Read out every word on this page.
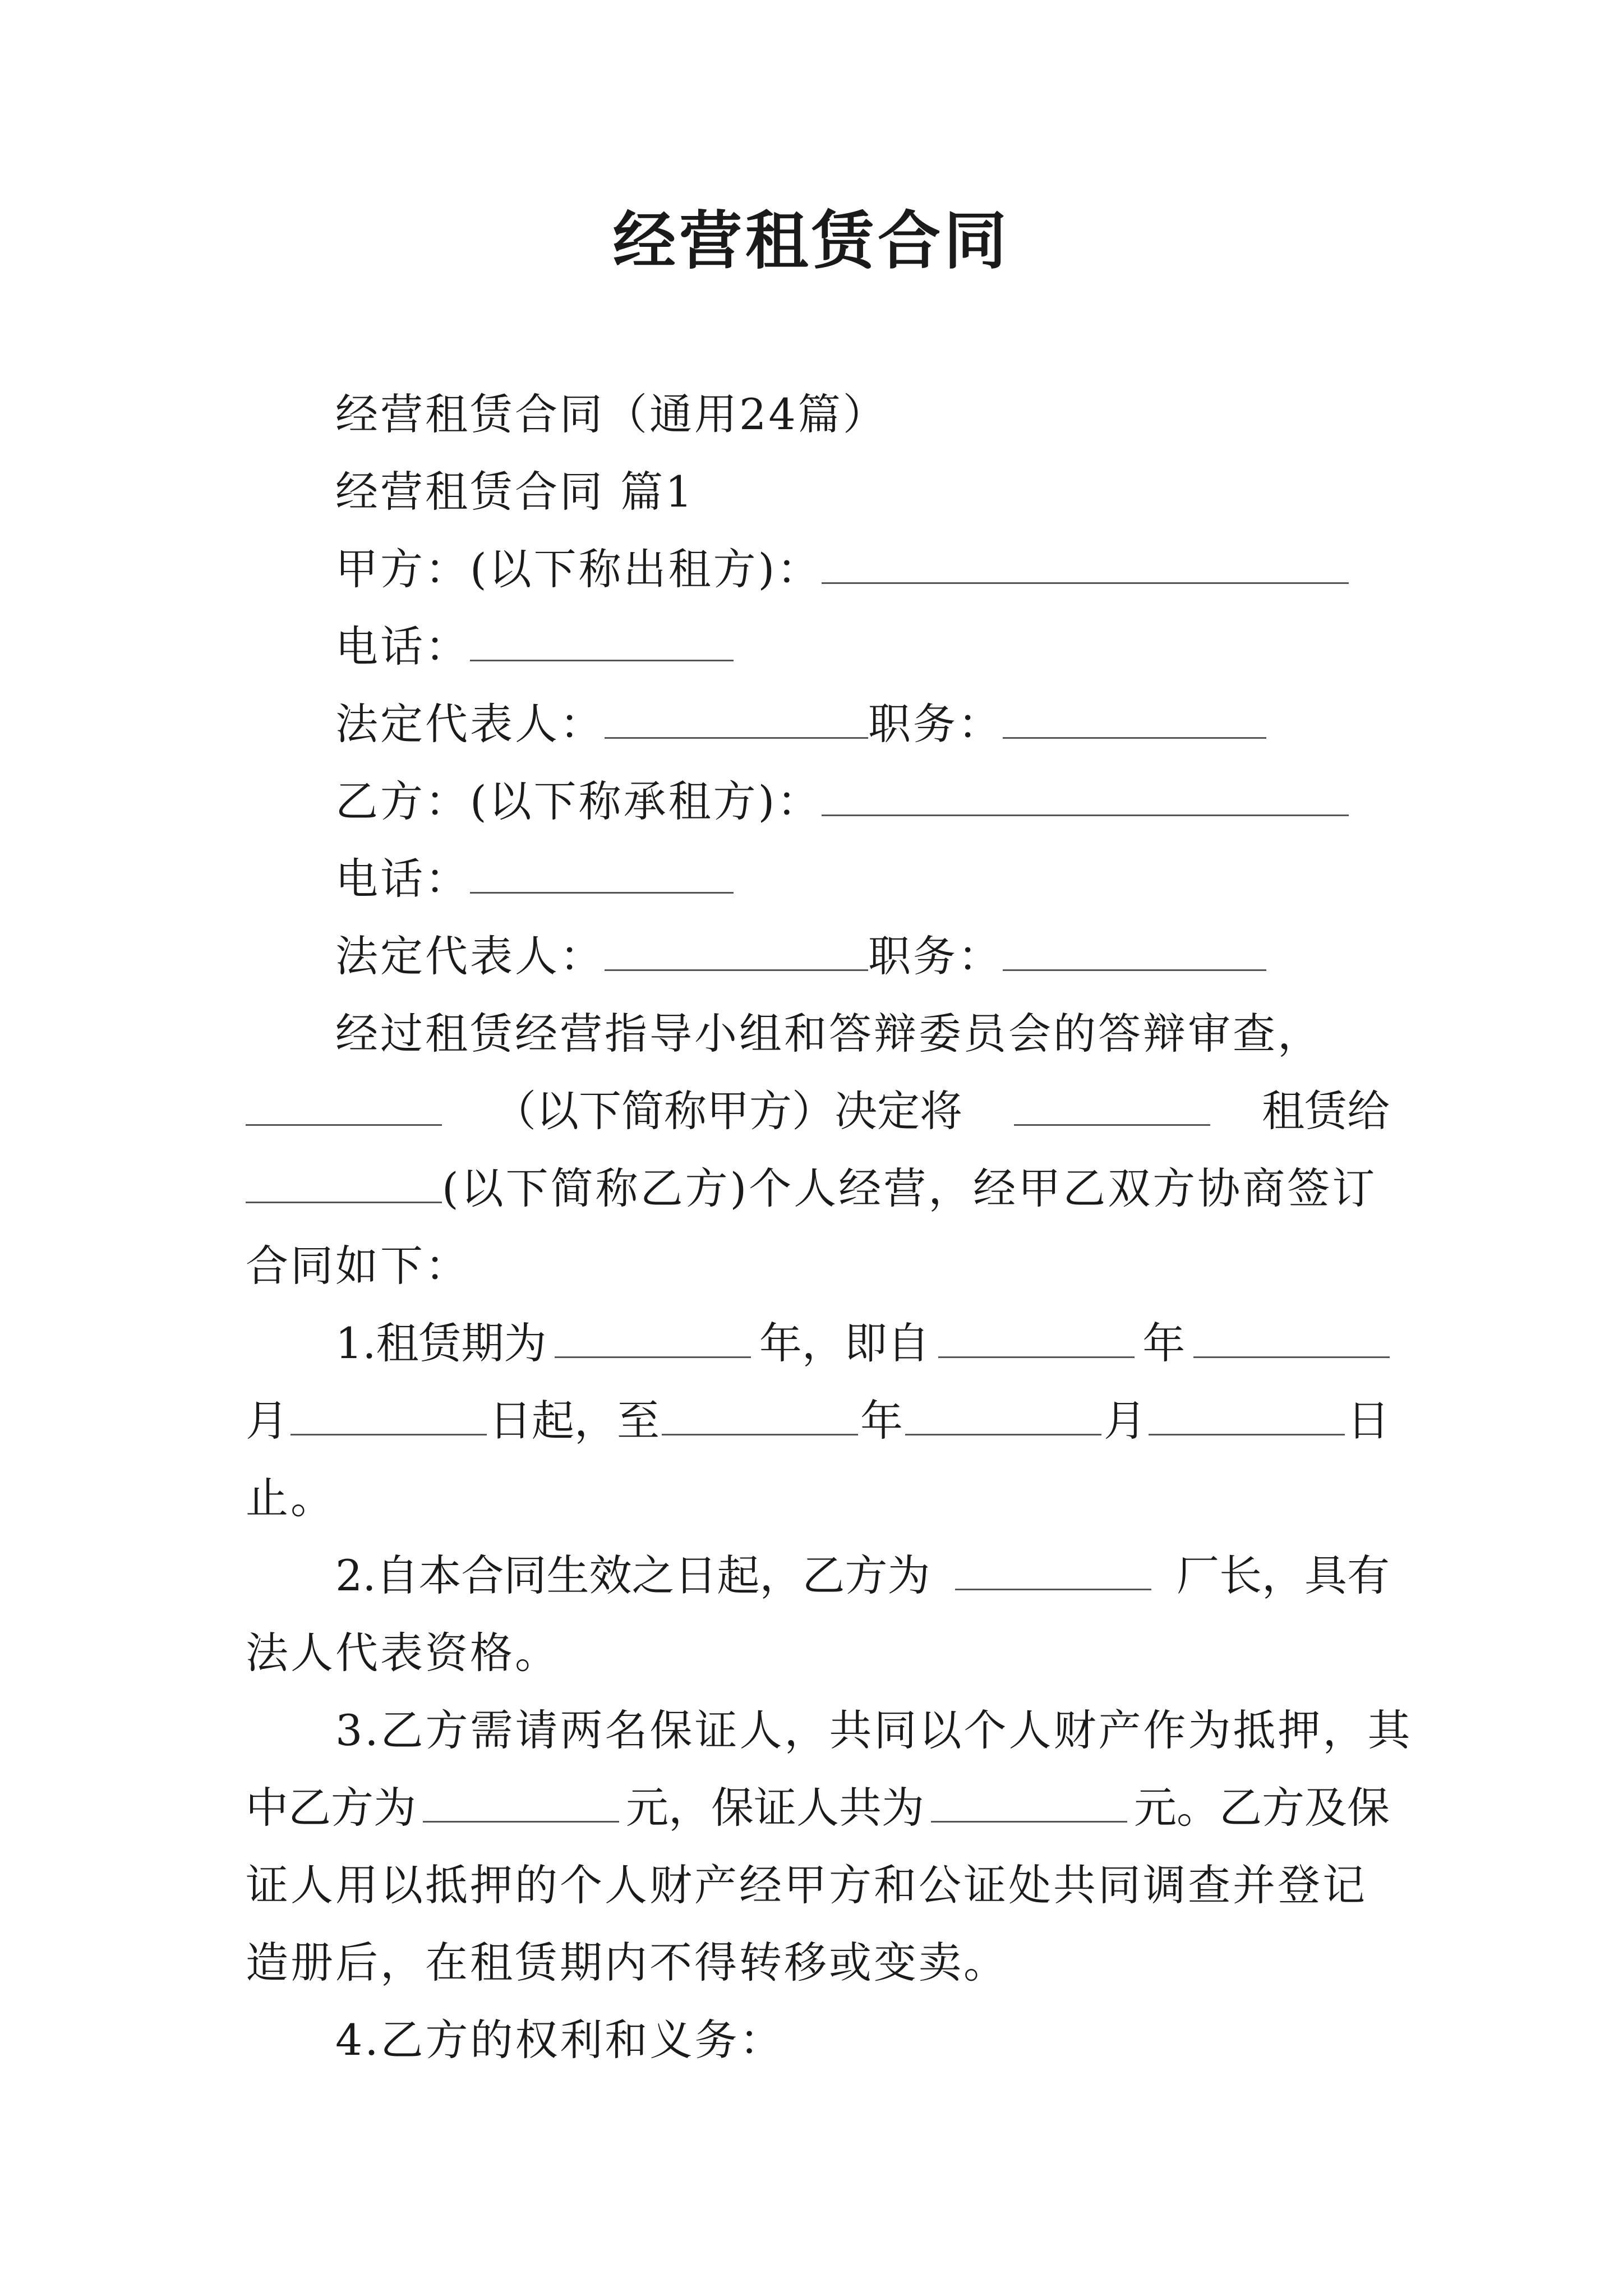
经营租赁合同
经营租赁合同（通用24篇）
经营租赁合同 篇1
甲方：(以下称出租方)：
电话：
法定代表人：	职务：
乙方：(以下称承租方)：
电话：
法定代表人：	职务：
经过租赁经营指导小组和答辩委员会的答辩审查，
（以下简称甲方）决定将	租赁给
(以下简称乙方)个人经营，经甲乙双方协商签订
合同如下：
1.租赁期为	年，即自	年
月	日起，至	年	月	日
止。
2.自本合同生效之日起，乙方为	厂长，具有
法人代表资格。
3.乙方需请两名保证人，共同以个人财产作为抵押，其
中乙方为	元，保证人共为	元。乙方及保
证人用以抵押的个人财产经甲方和公证处共同调查并登记
造册后，在租赁期内不得转移或变卖。
4.乙方的权利和义务：
